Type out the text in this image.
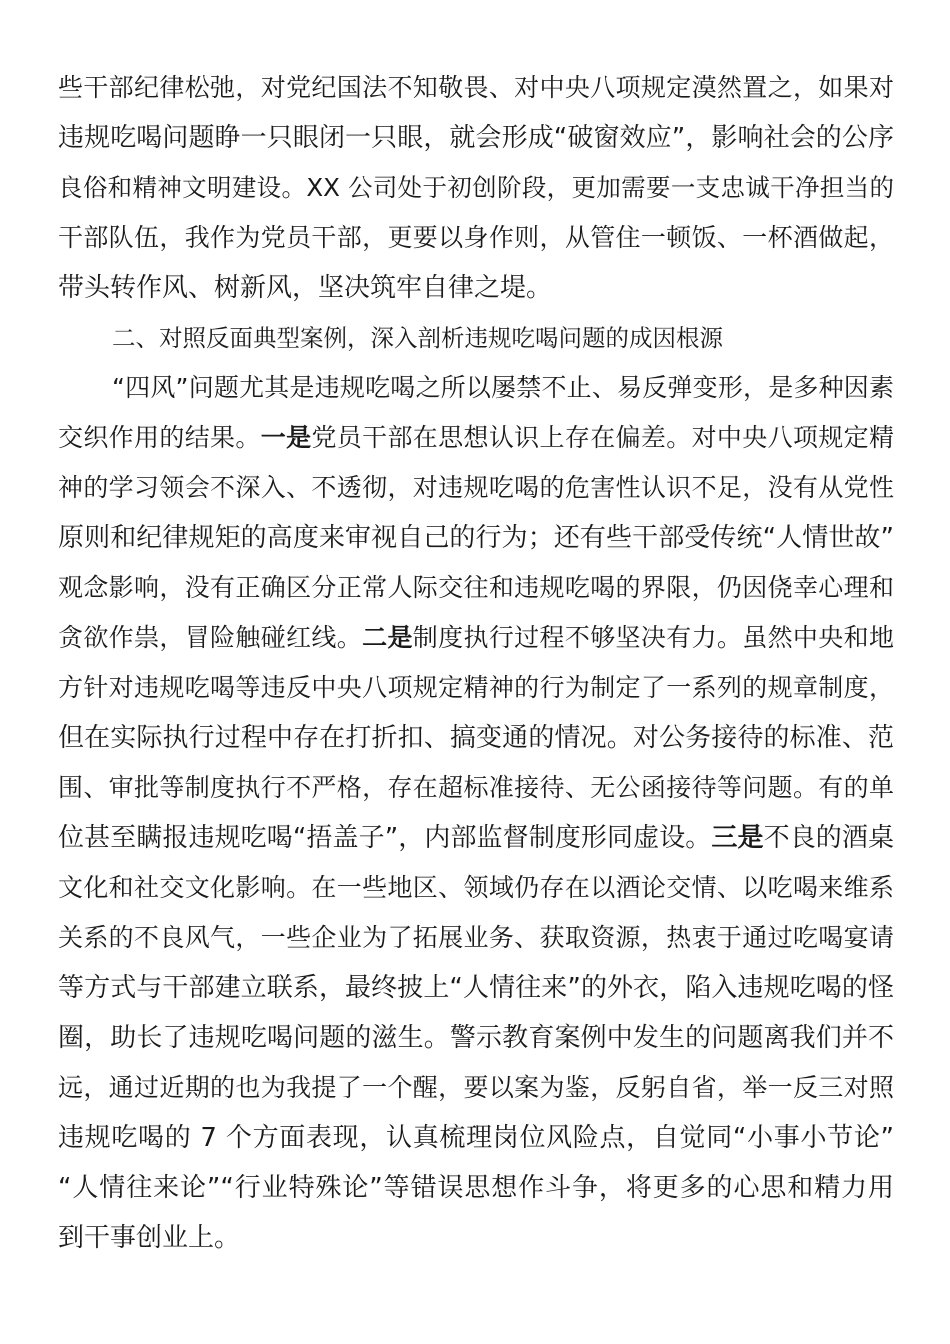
些干部纪律松弛，对党纪国法不知敬畏、对中央八项规定漠然置之，如果对
违规吃喝问题睁一只眼闭一只眼，就会形成“破窗效应”，影响社会的公序
良俗和精神文明建设。XX 公司处于初创阶段，更加需要一支忠诚干净担当的
干部队伍，我作为党员干部，更要以身作则，从管住一顿饭、一杯酒做起，
带头转作风、树新风，坚决筑牢自律之堤。
二、对照反面典型案例，深入剖析违规吃喝问题的成因根源
“四风”问题尤其是违规吃喝之所以屡禁不止、易反弹变形，是多种因素
交织作用的结果。一是党员干部在思想认识上存在偏差。对中央八项规定精
神的学习领会不深入、不透彻，对违规吃喝的危害性认识不足，没有从党性
原则和纪律规矩的高度来审视自己的行为；还有些干部受传统“人情世故”
观念影响，没有正确区分正常人际交往和违规吃喝的界限，仍因侥幸心理和
贪欲作祟，冒险触碰红线。二是制度执行过程不够坚决有力。虽然中央和地
方针对违规吃喝等违反中央八项规定精神的行为制定了一系列的规章制度，
但在实际执行过程中存在打折扣、搞变通的情况。对公务接待的标准、范
围、审批等制度执行不严格，存在超标准接待、无公函接待等问题。有的单
位甚至瞒报违规吃喝“捂盖子”，内部监督制度形同虚设。三是不良的酒桌
文化和社交文化影响。在一些地区、领域仍存在以酒论交情、以吃喝来维系
关系的不良风气，一些企业为了拓展业务、获取资源，热衷于通过吃喝宴请
等方式与干部建立联系，最终披上“人情往来”的外衣，陷入违规吃喝的怪
圈，助长了违规吃喝问题的滋生。警示教育案例中发生的问题离我们并不
远，通过近期的也为我提了一个醒，要以案为鉴，反躬自省，举一反三对照
违规吃喝的 7 个方面表现，认真梳理岗位风险点，自觉同“小事小节论”
“人情往来论”“行业特殊论”等错误思想作斗争，将更多的心思和精力用
到干事创业上。
